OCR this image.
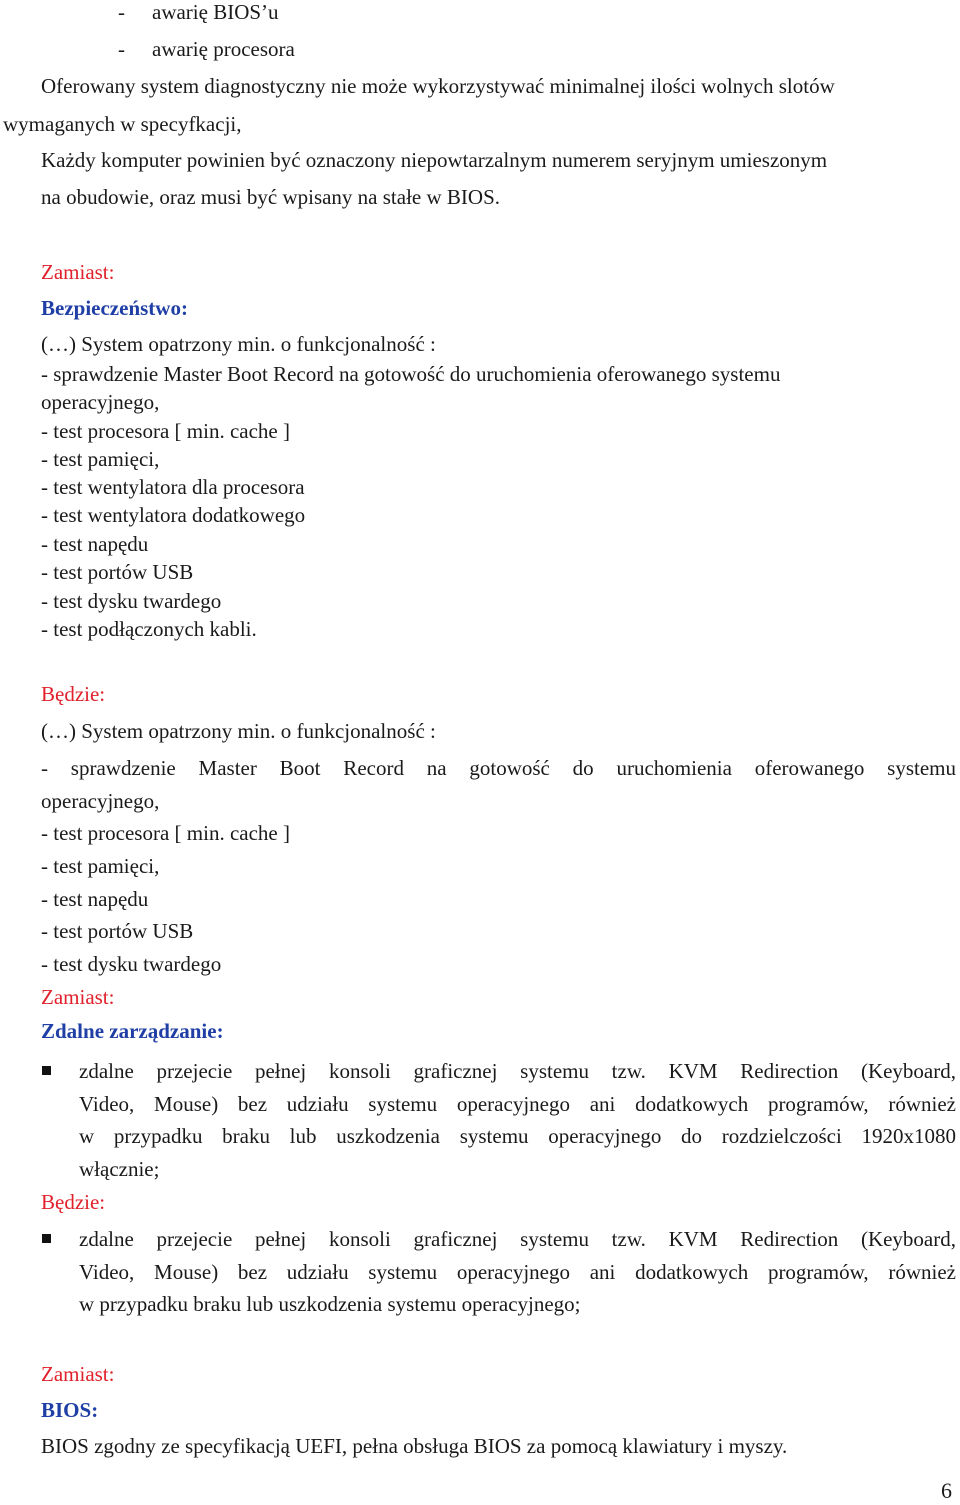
- awarię BIOS’u
- awarię procesora
Oferowany system diagnostyczny nie może wykorzystywać minimalnej ilości wolnych slotów
wymaganych w specyfkacji,
Każdy komputer powinien być oznaczony niepowtarzalnym numerem seryjnym umieszonym
na obudowie, oraz musi być wpisany na stałe w BIOS.
Zamiast:
Bezpieczeństwo:
(…) System opatrzony min. o funkcjonalność :
- sprawdzenie Master Boot Record na gotowość do uruchomienia oferowanego systemu
operacyjnego,
- test procesora [ min. cache ]
- test pamięci,
- test wentylatora dla procesora
- test wentylatora dodatkowego
- test napędu
- test portów USB
- test dysku twardego
- test podłączonych kabli.
Będzie:
(…) System opatrzony min. o funkcjonalność :
- sprawdzenie Master Boot Record na gotowość do uruchomienia oferowanego systemu
operacyjnego,
- test procesora [ min. cache ]
- test pamięci,
- test napędu
- test portów USB
- test dysku twardego
Zamiast:
Zdalne zarządzanie:
zdalne przejecie pełnej konsoli graficznej systemu tzw. KVM Redirection (Keyboard,
Video, Mouse) bez udziału systemu operacyjnego ani dodatkowych programów, również
w przypadku braku lub uszkodzenia systemu operacyjnego do rozdzielczości 1920x1080
włącznie;
Będzie:
zdalne przejecie pełnej konsoli graficznej systemu tzw. KVM Redirection (Keyboard,
Video, Mouse) bez udziału systemu operacyjnego ani dodatkowych programów, również
w przypadku braku lub uszkodzenia systemu operacyjnego;
Zamiast:
BIOS:
BIOS zgodny ze specyfikacją UEFI, pełna obsługa BIOS za pomocą klawiatury i myszy.
6
